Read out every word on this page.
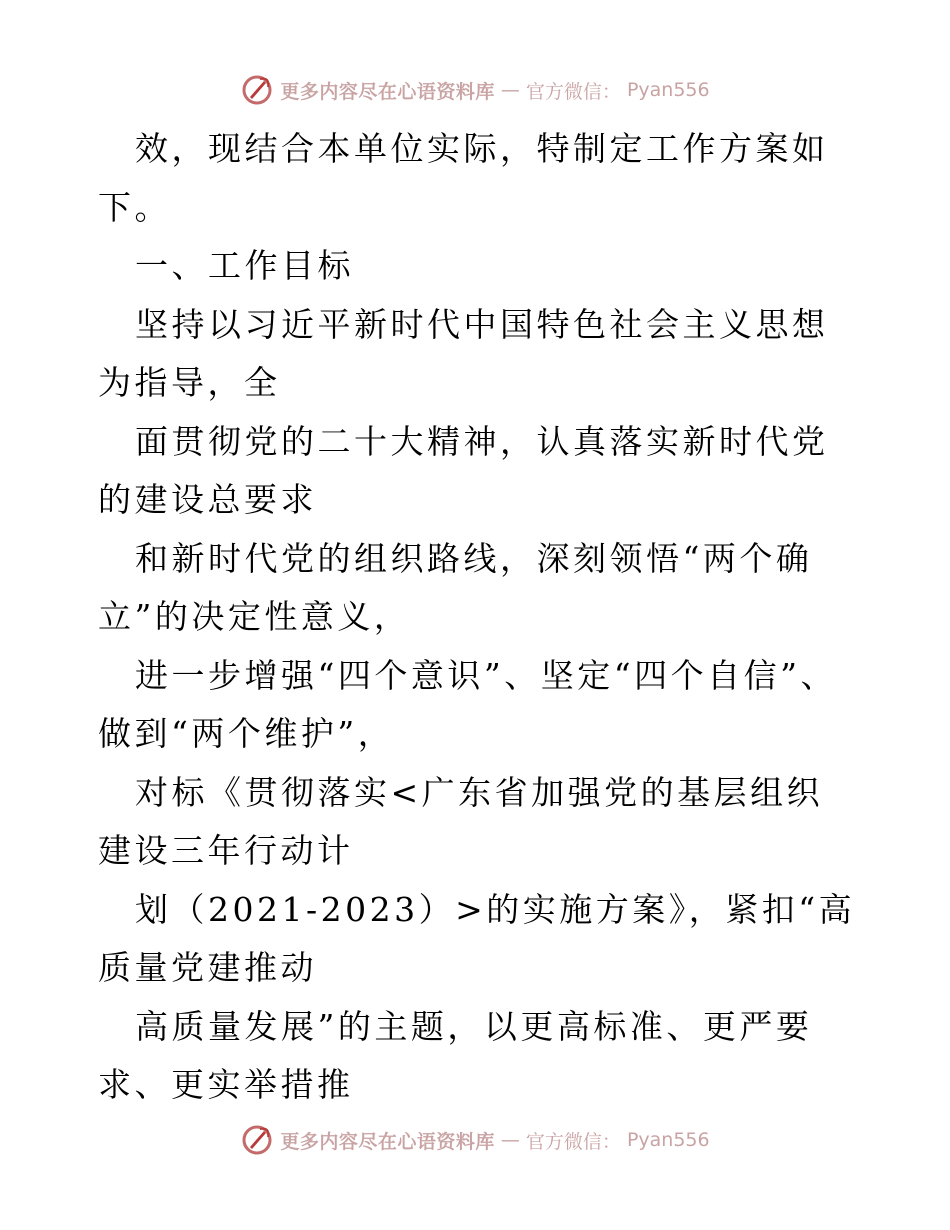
更多内容尽在心语资料库 — 官方微信： Pyan556

效，现结合本单位实际，特制定工作方案如下。

一、工作目标

坚持以习近平新时代中国特色社会主义思想为指导，全

面贯彻党的二十大精神，认真落实新时代党的建设总要求

和新时代党的组织路线，深刻领悟“两个确立”的决定性意义，

进一步增强“四个意识”、坚定“四个自信”、做到“两个维护”，

对标《贯彻落实<广东省加强党的基层组织建设三年行动计

划（2021-2023）>的实施方案》，紧扣“高质量党建推动

高质量发展”的主题，以更高标准、更严要求、更实举措推

更多内容尽在心语资料库 — 官方微信： Pyan556
